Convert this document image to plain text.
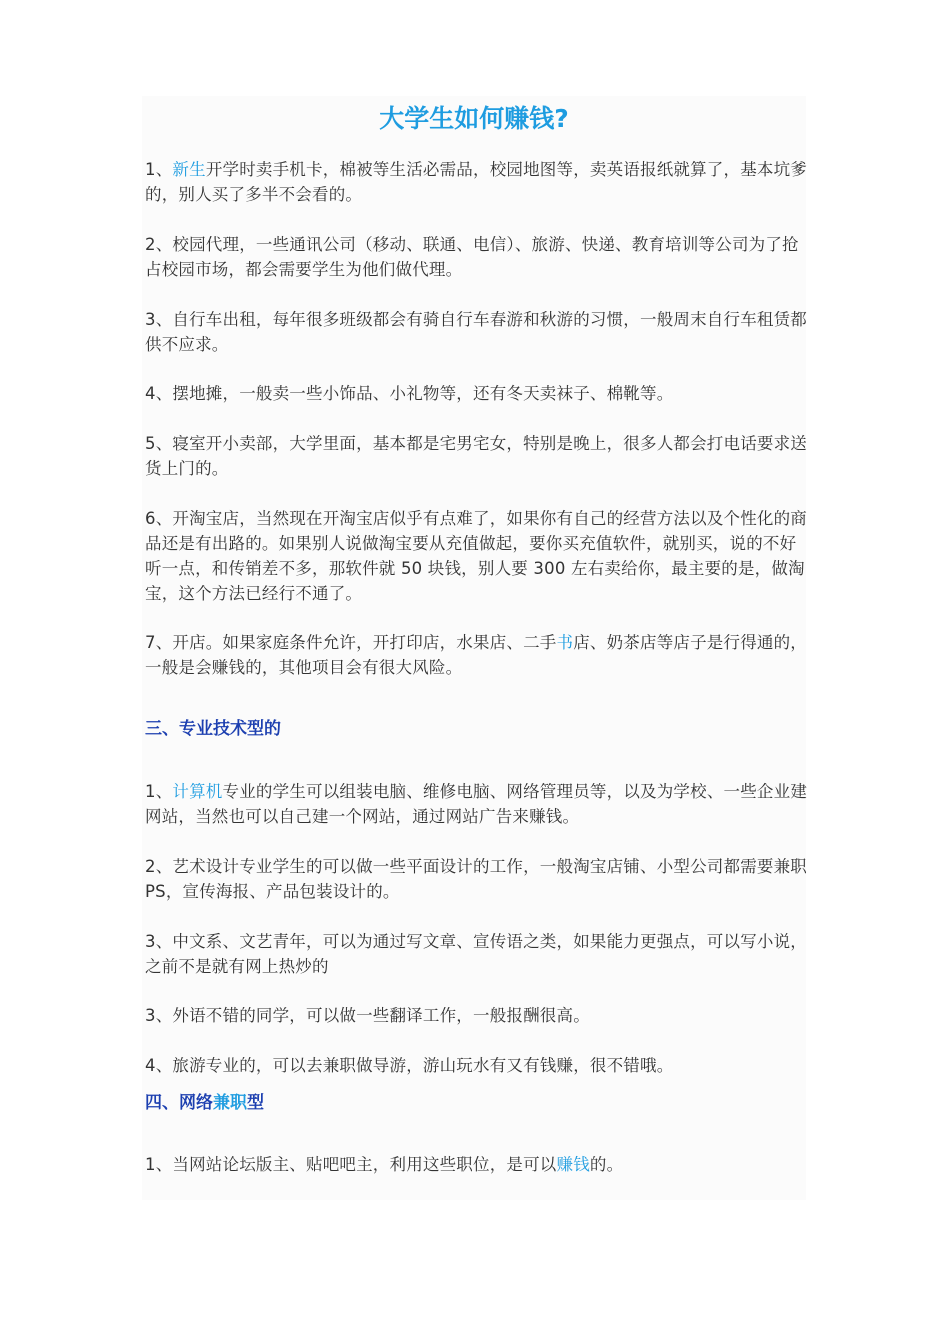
大学生如何赚钱?

1、新生开学时卖手机卡，棉被等生活必需品，校园地图等，卖英语报纸就算了，基本坑爹的，别人买了多半不会看的。

2、校园代理，一些通讯公司（移动、联通、电信）、旅游、快递、教育培训等公司为了抢占校园市场，都会需要学生为他们做代理。

3、自行车出租，每年很多班级都会有骑自行车春游和秋游的习惯，一般周末自行车租赁都供不应求。

4、摆地摊，一般卖一些小饰品、小礼物等，还有冬天卖袜子、棉靴等。

5、寝室开小卖部，大学里面，基本都是宅男宅女，特别是晚上，很多人都会打电话要求送货上门的。

6、开淘宝店，当然现在开淘宝店似乎有点难了，如果你有自己的经营方法以及个性化的商品还是有出路的。如果别人说做淘宝要从充值做起，要你买充值软件，就别买，说的不好听一点，和传销差不多，那软件就 50 块钱，别人要 300 左右卖给你，最主要的是，做淘宝，这个方法已经行不通了。

7、开店。如果家庭条件允许，开打印店，水果店、二手书店、奶茶店等店子是行得通的，一般是会赚钱的，其他项目会有很大风险。

三、专业技术型的

1、计算机专业的学生可以组装电脑、维修电脑、网络管理员等，以及为学校、一些企业建网站，当然也可以自己建一个网站，通过网站广告来赚钱。

2、艺术设计专业学生的可以做一些平面设计的工作，一般淘宝店铺、小型公司都需要兼职 PS，宣传海报、产品包装设计的。

3、中文系、文艺青年，可以为通过写文章、宣传语之类，如果能力更强点，可以写小说，之前不是就有网上热炒的

3、外语不错的同学，可以做一些翻译工作，一般报酬很高。

4、旅游专业的，可以去兼职做导游，游山玩水有又有钱赚，很不错哦。

四、网络兼职型

1、当网站论坛版主、贴吧吧主，利用这些职位，是可以赚钱的。
